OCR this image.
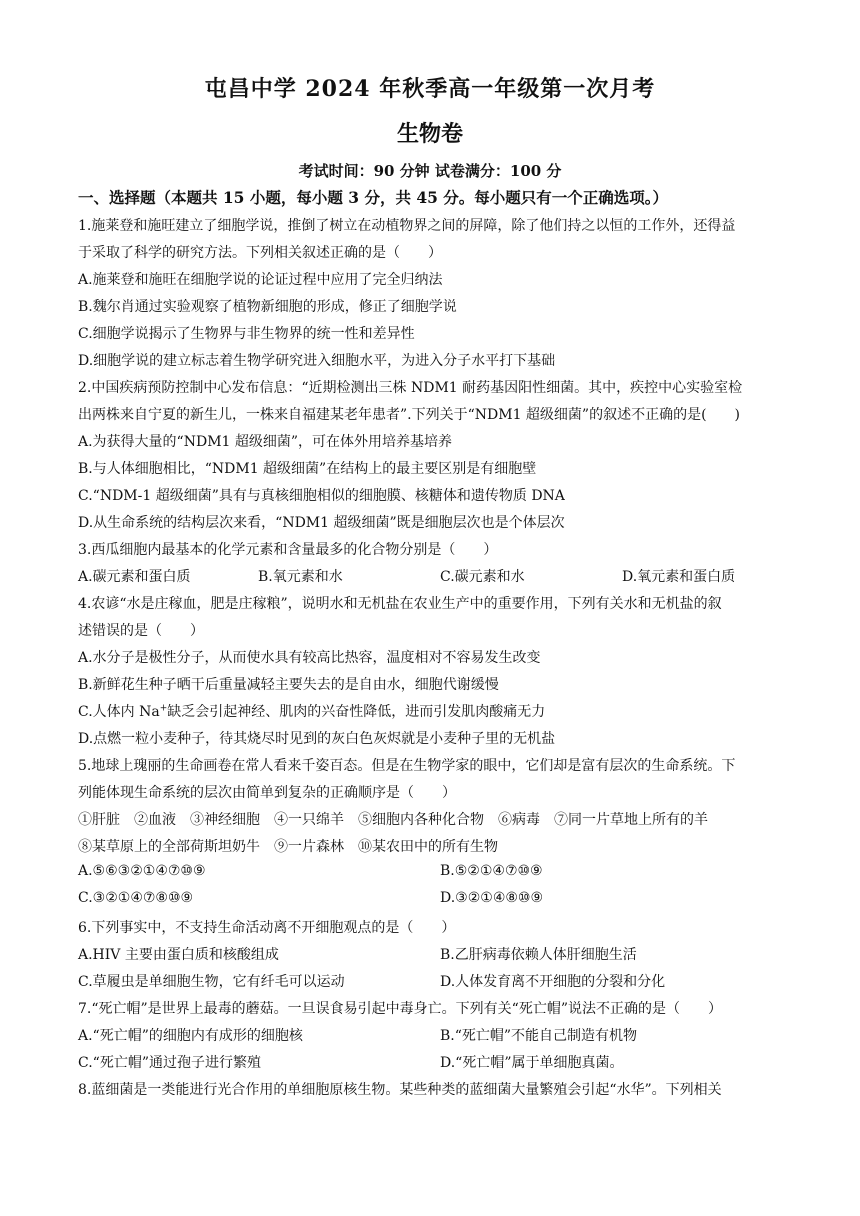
屯昌中学 2024 年秋季高一年级第一次月考
生物卷
考试时间：90 分钟 试卷满分：100 分
一、选择题（本题共 15 小题，每小题 3 分，共 45 分。每小题只有一个正确选项。）
1.施莱登和施旺建立了细胞学说，推倒了树立在动植物界之间的屏障，除了他们持之以恒的工作外，还得益
于采取了科学的研究方法。下列相关叙述正确的是（　　）
A.施莱登和施旺在细胞学说的论证过程中应用了完全归纳法
B.魏尔肖通过实验观察了植物新细胞的形成，修正了细胞学说
C.细胞学说揭示了生物界与非生物界的统一性和差异性
D.细胞学说的建立标志着生物学研究进入细胞水平，为进入分子水平打下基础
2.中国疾病预防控制中心发布信息：“近期检测出三株 NDM1 耐药基因阳性细菌。其中，疾控中心实验室检
出两株来自宁夏的新生儿，一株来自福建某老年患者”.下列关于“NDM1 超级细菌”的叙述不正确的是(　　)
A.为获得大量的“NDM1 超级细菌”，可在体外用培养基培养
B.与人体细胞相比，“NDM1 超级细菌”在结构上的最主要区别是有细胞壁
C.“NDM-1 超级细菌”具有与真核细胞相似的细胞膜、核糖体和遗传物质 DNA
D.从生命系统的结构层次来看，“NDM1 超级细菌”既是细胞层次也是个体层次
3.西瓜细胞内最基本的化学元素和含量最多的化合物分别是（　　）
A.碳元素和蛋白质	B.氧元素和水	C.碳元素和水	D.氧元素和蛋白质
4.农谚“水是庄稼血，肥是庄稼粮”，说明水和无机盐在农业生产中的重要作用，下列有关水和无机盐的叙
述错误的是（　　）
A.水分子是极性分子，从而使水具有较高比热容，温度相对不容易发生改变
B.新鲜花生种子晒干后重量减轻主要失去的是自由水，细胞代谢缓慢
C.人体内 Na+缺乏会引起神经、肌肉的兴奋性降低，进而引发肌肉酸痛无力
D.点燃一粒小麦种子，待其烧尽时见到的灰白色灰烬就是小麦种子里的无机盐
5.地球上瑰丽的生命画卷在常人看来千姿百态。但是在生物学家的眼中，它们却是富有层次的生命系统。下
列能体现生命系统的层次由简单到复杂的正确顺序是（　　）
①肝脏　②血液　③神经细胞　④一只绵羊　⑤细胞内各种化合物　⑥病毒　⑦同一片草地上所有的羊
⑧某草原上的全部荷斯坦奶牛　⑨一片森林　⑩某农田中的所有生物
A.⑤⑥③②①④⑦⑩⑨	B.⑤②①④⑦⑩⑨
C.③②①④⑦⑧⑩⑨	D.③②①④⑧⑩⑨
6.下列事实中，不支持生命活动离不开细胞观点的是（　　）
A.HIV 主要由蛋白质和核酸组成	B.乙肝病毒依赖人体肝细胞生活
C.草履虫是单细胞生物，它有纤毛可以运动	D.人体发育离不开细胞的分裂和分化
7.“死亡帽”是世界上最毒的蘑菇。一旦误食易引起中毒身亡。下列有关“死亡帽”说法不正确的是（　　）
A.“死亡帽”的细胞内有成形的细胞核	B.“死亡帽”不能自己制造有机物
C.“死亡帽”通过孢子进行繁殖	D.“死亡帽”属于单细胞真菌。
8.蓝细菌是一类能进行光合作用的单细胞原核生物。某些种类的蓝细菌大量繁殖会引起“水华”。下列相关
